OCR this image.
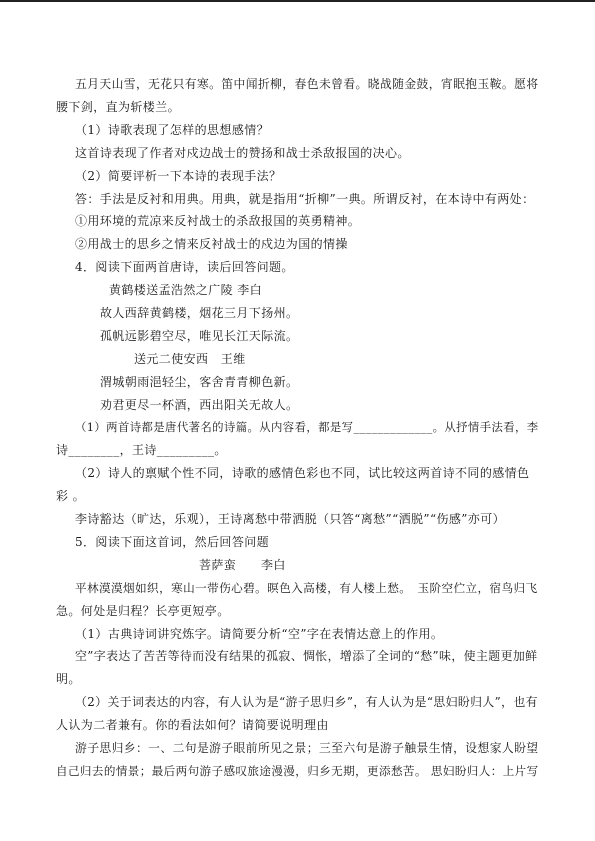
五月天山雪，无花只有寒。笛中闻折柳，春色未曾看。晓战随金鼓，宵眠抱玉鞍。愿将
腰下剑，直为斩楼兰。
（1）诗歌表现了怎样的思想感情？
这首诗表现了作者对戍边战士的赞扬和战士杀敌报国的决心。
（2）简要评析一下本诗的表现手法？
答：手法是反衬和用典。用典，就是指用“折柳”一典。所谓反衬，在本诗中有两处：
①用环境的荒凉来反衬战士的杀敌报国的英勇精神。
②用战士的思乡之情来反衬战士的戍边为国的情操
4．阅读下面两首唐诗，读后回答问题。
黄鹤楼送孟浩然之广陵 李白
故人西辞黄鹤楼，烟花三月下扬州。
孤帆远影碧空尽，唯见长江天际流。
送元二使安西　王维
渭城朝雨浥轻尘，客舍青青柳色新。
劝君更尽一杯酒，西出阳关无故人。
（1）两首诗都是唐代著名的诗篇。从内容看，都是写_____________。从抒情手法看，李
诗________，王诗_________。
（2）诗人的禀赋个性不同，诗歌的感情色彩也不同，试比较这两首诗不同的感情色
彩 。
李诗豁达（旷达，乐观），王诗离愁中带洒脱（只答“离愁”“洒脱”“伤感”亦可）
5．阅读下面这首词，然后回答问题
菩萨蛮　　李白
平林漠漠烟如织，寒山一带伤心碧。暝色入高楼，有人楼上愁。　玉阶空伫立，宿鸟归飞
急。何处是归程？长亭更短亭。
（1）古典诗词讲究炼字。请简要分析“空”字在表情达意上的作用。
空”字表达了苦苦等待而没有结果的孤寂、惆怅，增添了全词的“愁”味，使主题更加鲜
明。
（2）关于词表达的内容，有人认为是“游子思归乡”，有人认为是“思妇盼归人”，也有
人认为二者兼有。你的看法如何？请简要说明理由
游子思归乡：一、二句是游子眼前所见之景；三至六句是游子触景生情，设想家人盼望
自己归去的情景；最后两句游子感叹旅途漫漫，归乡无期，更添愁苦。 思妇盼归人：上片写
